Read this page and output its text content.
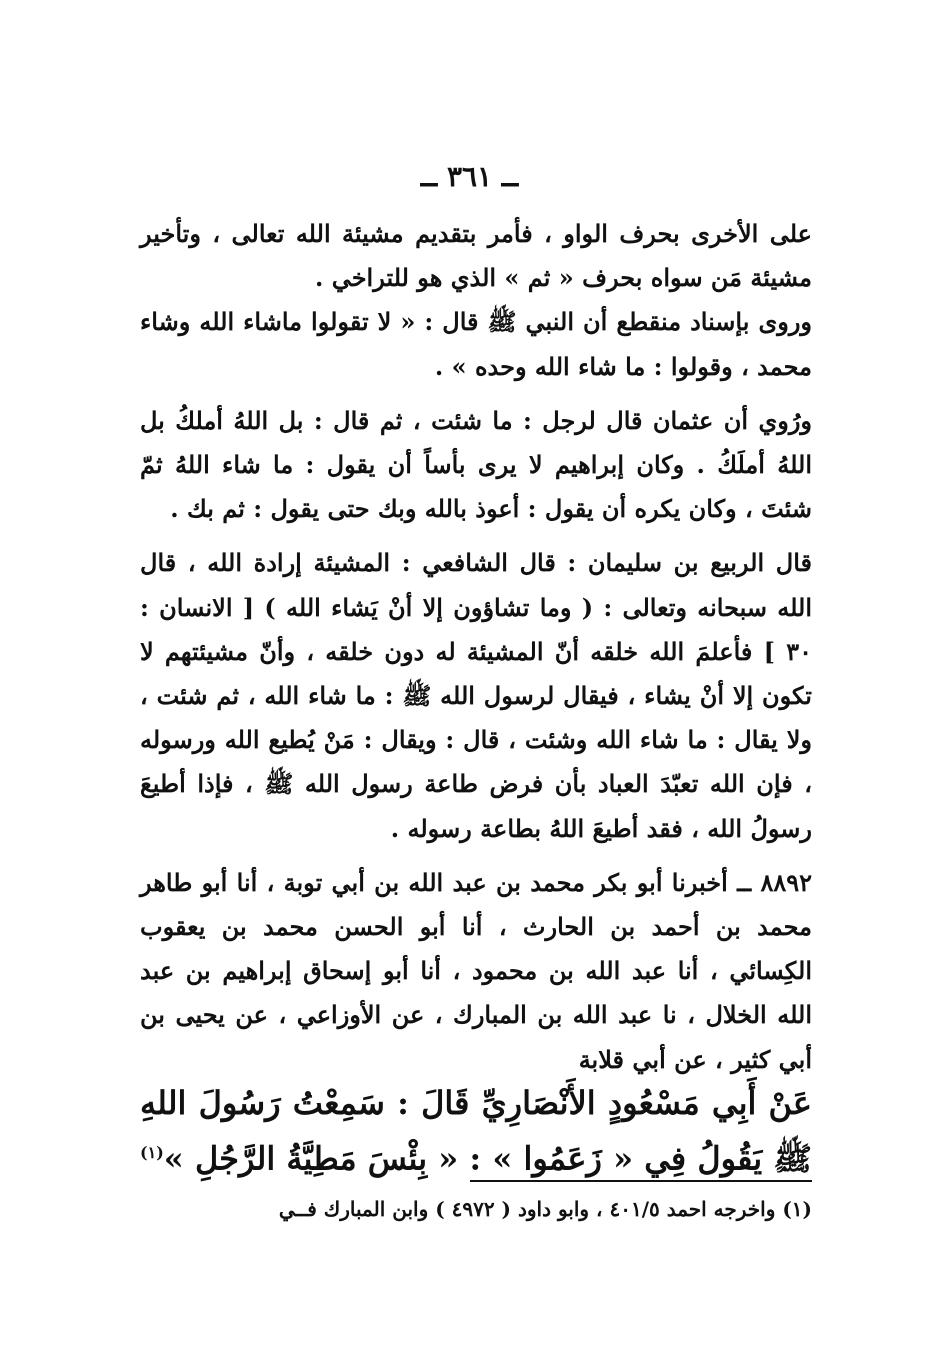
ــ ٣٦١ ــ

على الأخرى بحرف الواو ، فأمر بتقديم مشيئة الله تعالى ، وتأخير مشيئة مَن سواه بحرف « ثم » الذي هو للتراخي .

وروى بإسناد منقطع أن النبي ﷺ قال : « لا تقولوا ماشاء الله وشاء محمد ، وقولوا : ما شاء الله وحده » .

ورُوي أن عثمان قال لرجل : ما شئت ، ثم قال : بل اللهُ أملكُ بل اللهُ أملَكُ . وكان إبراهيم لا يرى بأساً أن يقول : ما شاء اللهُ ثمّ شئتَ ، وكان يكره أن يقول : أعوذ بالله وبك حتى يقول : ثم بك .

قال الربيع بن سليمان : قال الشافعي : المشيئة إرادة الله ، قال الله سبحانه وتعالى : ( وما تشاؤون إلا أنْ يَشاء الله ) [ الانسان : ٣٠ ] فأعلمَ الله خلقه أنّ المشيئة له دون خلقه ، وأنّ مشيئتهم لا تكون إلا أنْ يشاء ، فيقال لرسول الله ﷺ : ما شاء الله ، ثم شئت ، ولا يقال : ما شاء الله وشئت ، قال : ويقال : مَنْ يُطيع الله ورسوله ، فإن الله تعبّدَ العباد بأن فرض طاعة رسول الله ﷺ ، فإذا أطيعَ رسولُ الله ، فقد أطيعَ اللهُ بطاعة رسوله .

٨٨٩٢ ــ أخبرنا أبو بكر محمد بن عبد الله بن أبي توبة ، أنا أبو طاهر محمد بن أحمد بن الحارث ، أنا أبو الحسن محمد بن يعقوب الكِسائي ، أنا عبد الله بن محمود ، أنا أبو إسحاق إبراهيم بن عبد الله الخلال ، نا عبد الله بن المبارك ، عن الأوزاعي ، عن يحيى بن أبي كثير ، عن أبي قلابة

عَنْ أَبِي مَسْعُودٍ الأَنْصَارِيِّ قَالَ : سَمِعْتُ رَسُولَ اللهِ ﷺ يَقُولُ فِي « زَعَمُوا » : « بِئْسَ مَطِيَّةُ الرَّجُلِ »$^{(١)}$
(١) واخرجه احمد ٤٠١/٥ ، وابو داود ( ٤٩٧٢ ) وابن المبارك فــي
